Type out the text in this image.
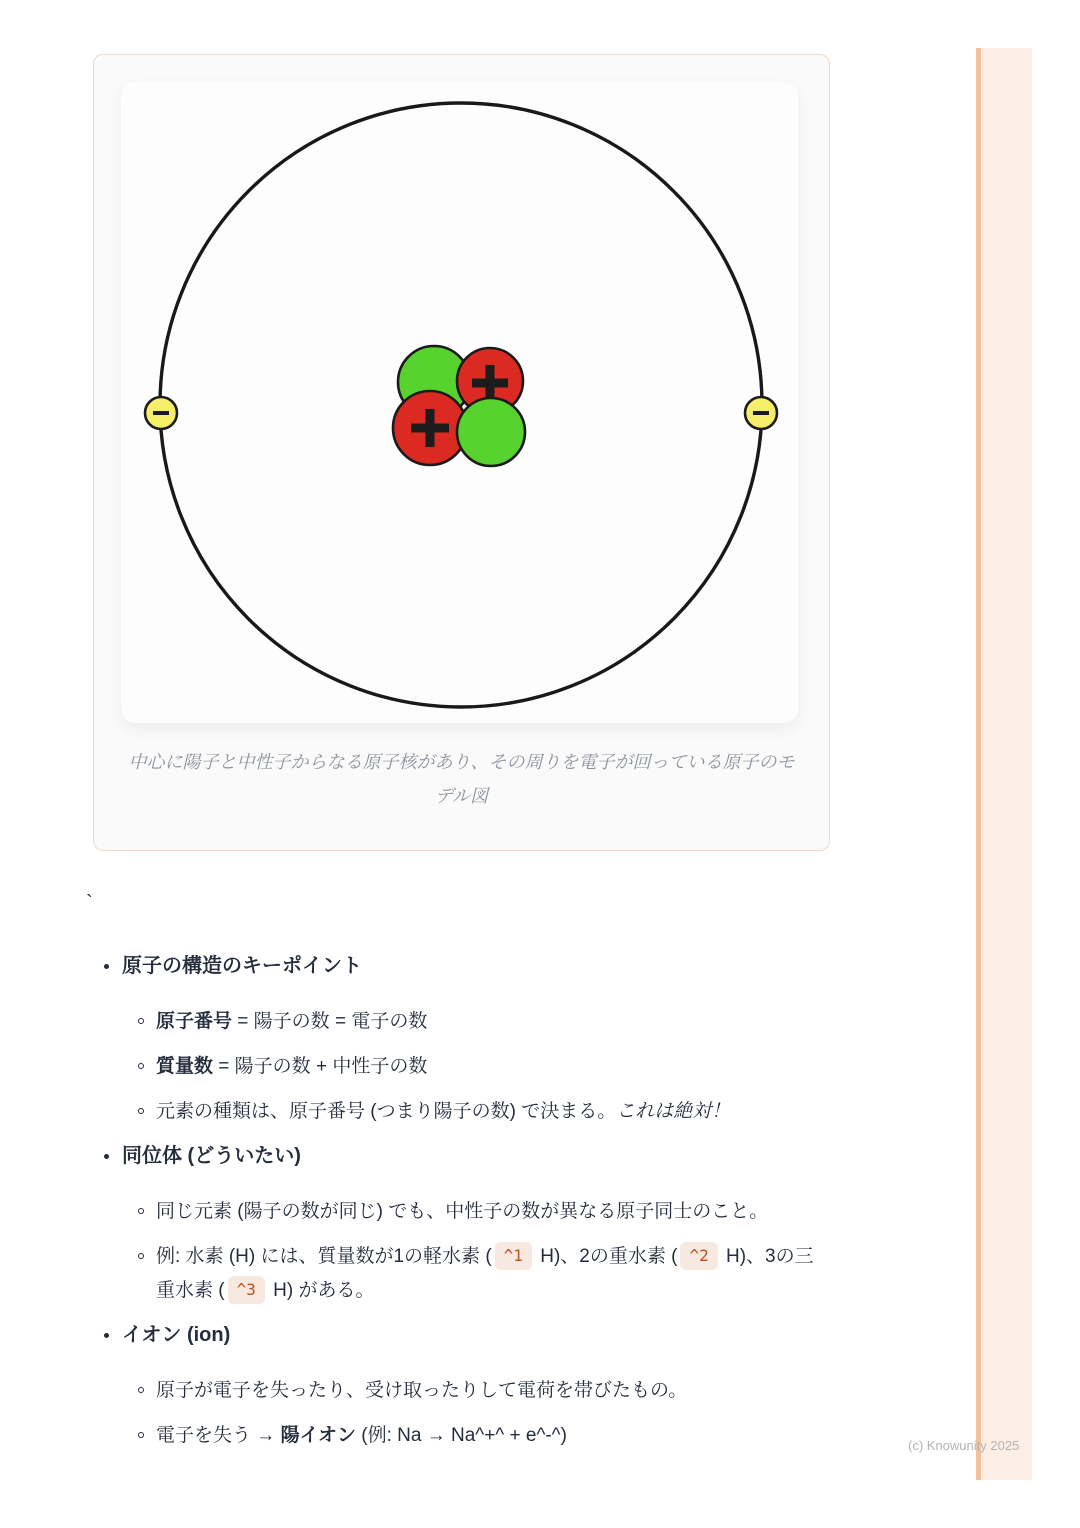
(c) Knowunity 2025
中心に陽子と中性子からなる原子核があり、その周りを電子が回っている原子のモデル図
`
原子の構造のキーポイント
原子番号 = 陽子の数 = 電子の数
質量数 = 陽子の数 + 中性子の数
元素の種類は、原子番号 (つまり陽子の数) で決まる。これは絶対！
同位体 (どういたい)
同じ元素 (陽子の数が同じ) でも、中性子の数が異なる原子同士のこと。
例: 水素 (H) には、質量数が1の軽水素 ( ^1 H)、2の重水素 ( ^2 H)、3の三重水素 ( ^3 H) がある。
イオン (ion)
原子が電子を失ったり、受け取ったりして電荷を帯びたもの。
電子を失う → 陽イオン (例: Na → Na^+^ + e^-^)
